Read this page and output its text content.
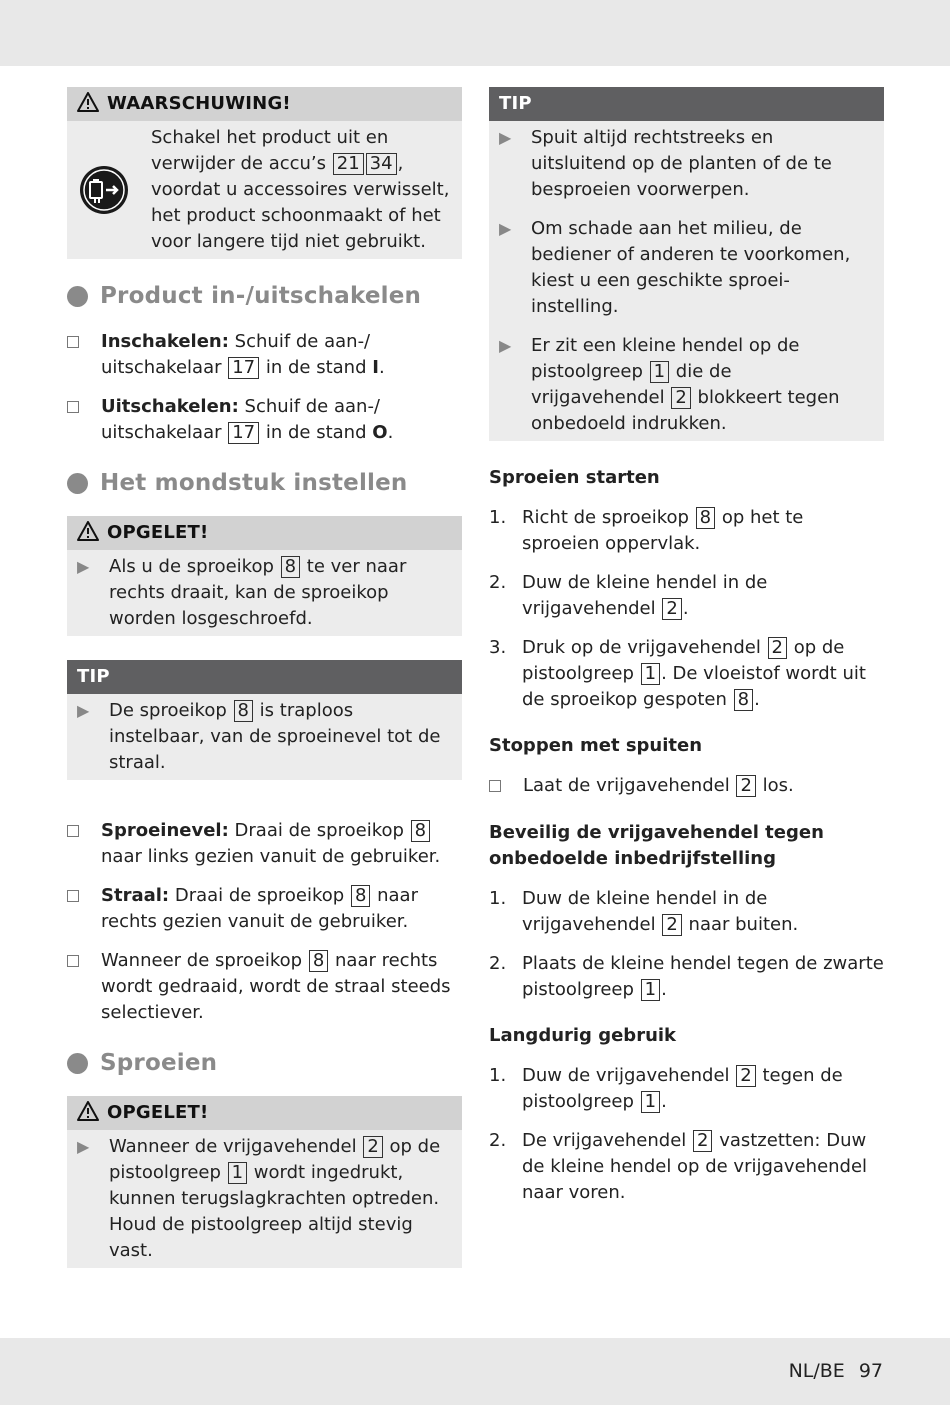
WAARSCHUWING!
Schakel het product uit en verwijder de accu’s 21 34 , voordat u accessoires verwisselt, het product schoonmaakt of het voor langere tijd niet gebruikt.
Product in-/uitschakelen
Inschakelen: Schuif de aan-/ uitschakelaar 17 in de stand I.
Uitschakelen: Schuif de aan-/ uitschakelaar 17 in de stand O.
Het mondstuk instellen
OPGELET!
▶	Als u de sproeikop 8 te ver naar rechts draait, kan de sproeikop worden losgeschroefd.
TIP
▶	De sproeikop 8 is traploos instelbaar, van de sproeinevel tot de straal.
Sproeinevel: Draai de sproeikop 8 naar links gezien vanuit de gebruiker.
Straal: Draai de sproeikop 8 naar rechts gezien vanuit de gebruiker.
Wanneer de sproeikop 8 naar rechts wordt gedraaid, wordt de straal steeds selectiever.
Sproeien
OPGELET!
▶	Wanneer de vrijgavehendel 2 op de pistoolgreep 1 wordt ingedrukt, kunnen terugslagkrachten optreden. Houd de pistoolgreep altijd stevig vast.
TIP
▶	Spuit altijd rechtstreeks en uitsluitend op de planten of de te besproeien voorwerpen.
▶	Om schade aan het milieu, de bediener of anderen te voorkomen, kiest u een geschikte sproei-instelling.
▶	Er zit een kleine hendel op de pistoolgreep 1 die de vrijgavehendel 2 blokkeert tegen onbedoeld indrukken.
Sproeien starten
1. Richt de sproeikop 8 op het te sproeien oppervlak.
2. Duw de kleine hendel in de vrijgavehendel 2 .
3. Druk op de vrijgavehendel 2 op de pistoolgreep 1 . De vloeistof wordt uit de sproeikop gespoten 8 .
Stoppen met spuiten
Laat de vrijgavehendel 2 los.
Beveilig de vrijgavehendel tegen onbedoelde inbedrijfstelling
1. Duw de kleine hendel in de vrijgavehendel 2 naar buiten.
2. Plaats de kleine hendel tegen de zwarte pistoolgreep 1 .
Langdurig gebruik
1. Duw de vrijgavehendel 2 tegen de pistoolgreep 1 .
2. De vrijgavehendel 2 vastzetten: Duw de kleine hendel op de vrijgavehendel naar voren.
NL/BE 97
